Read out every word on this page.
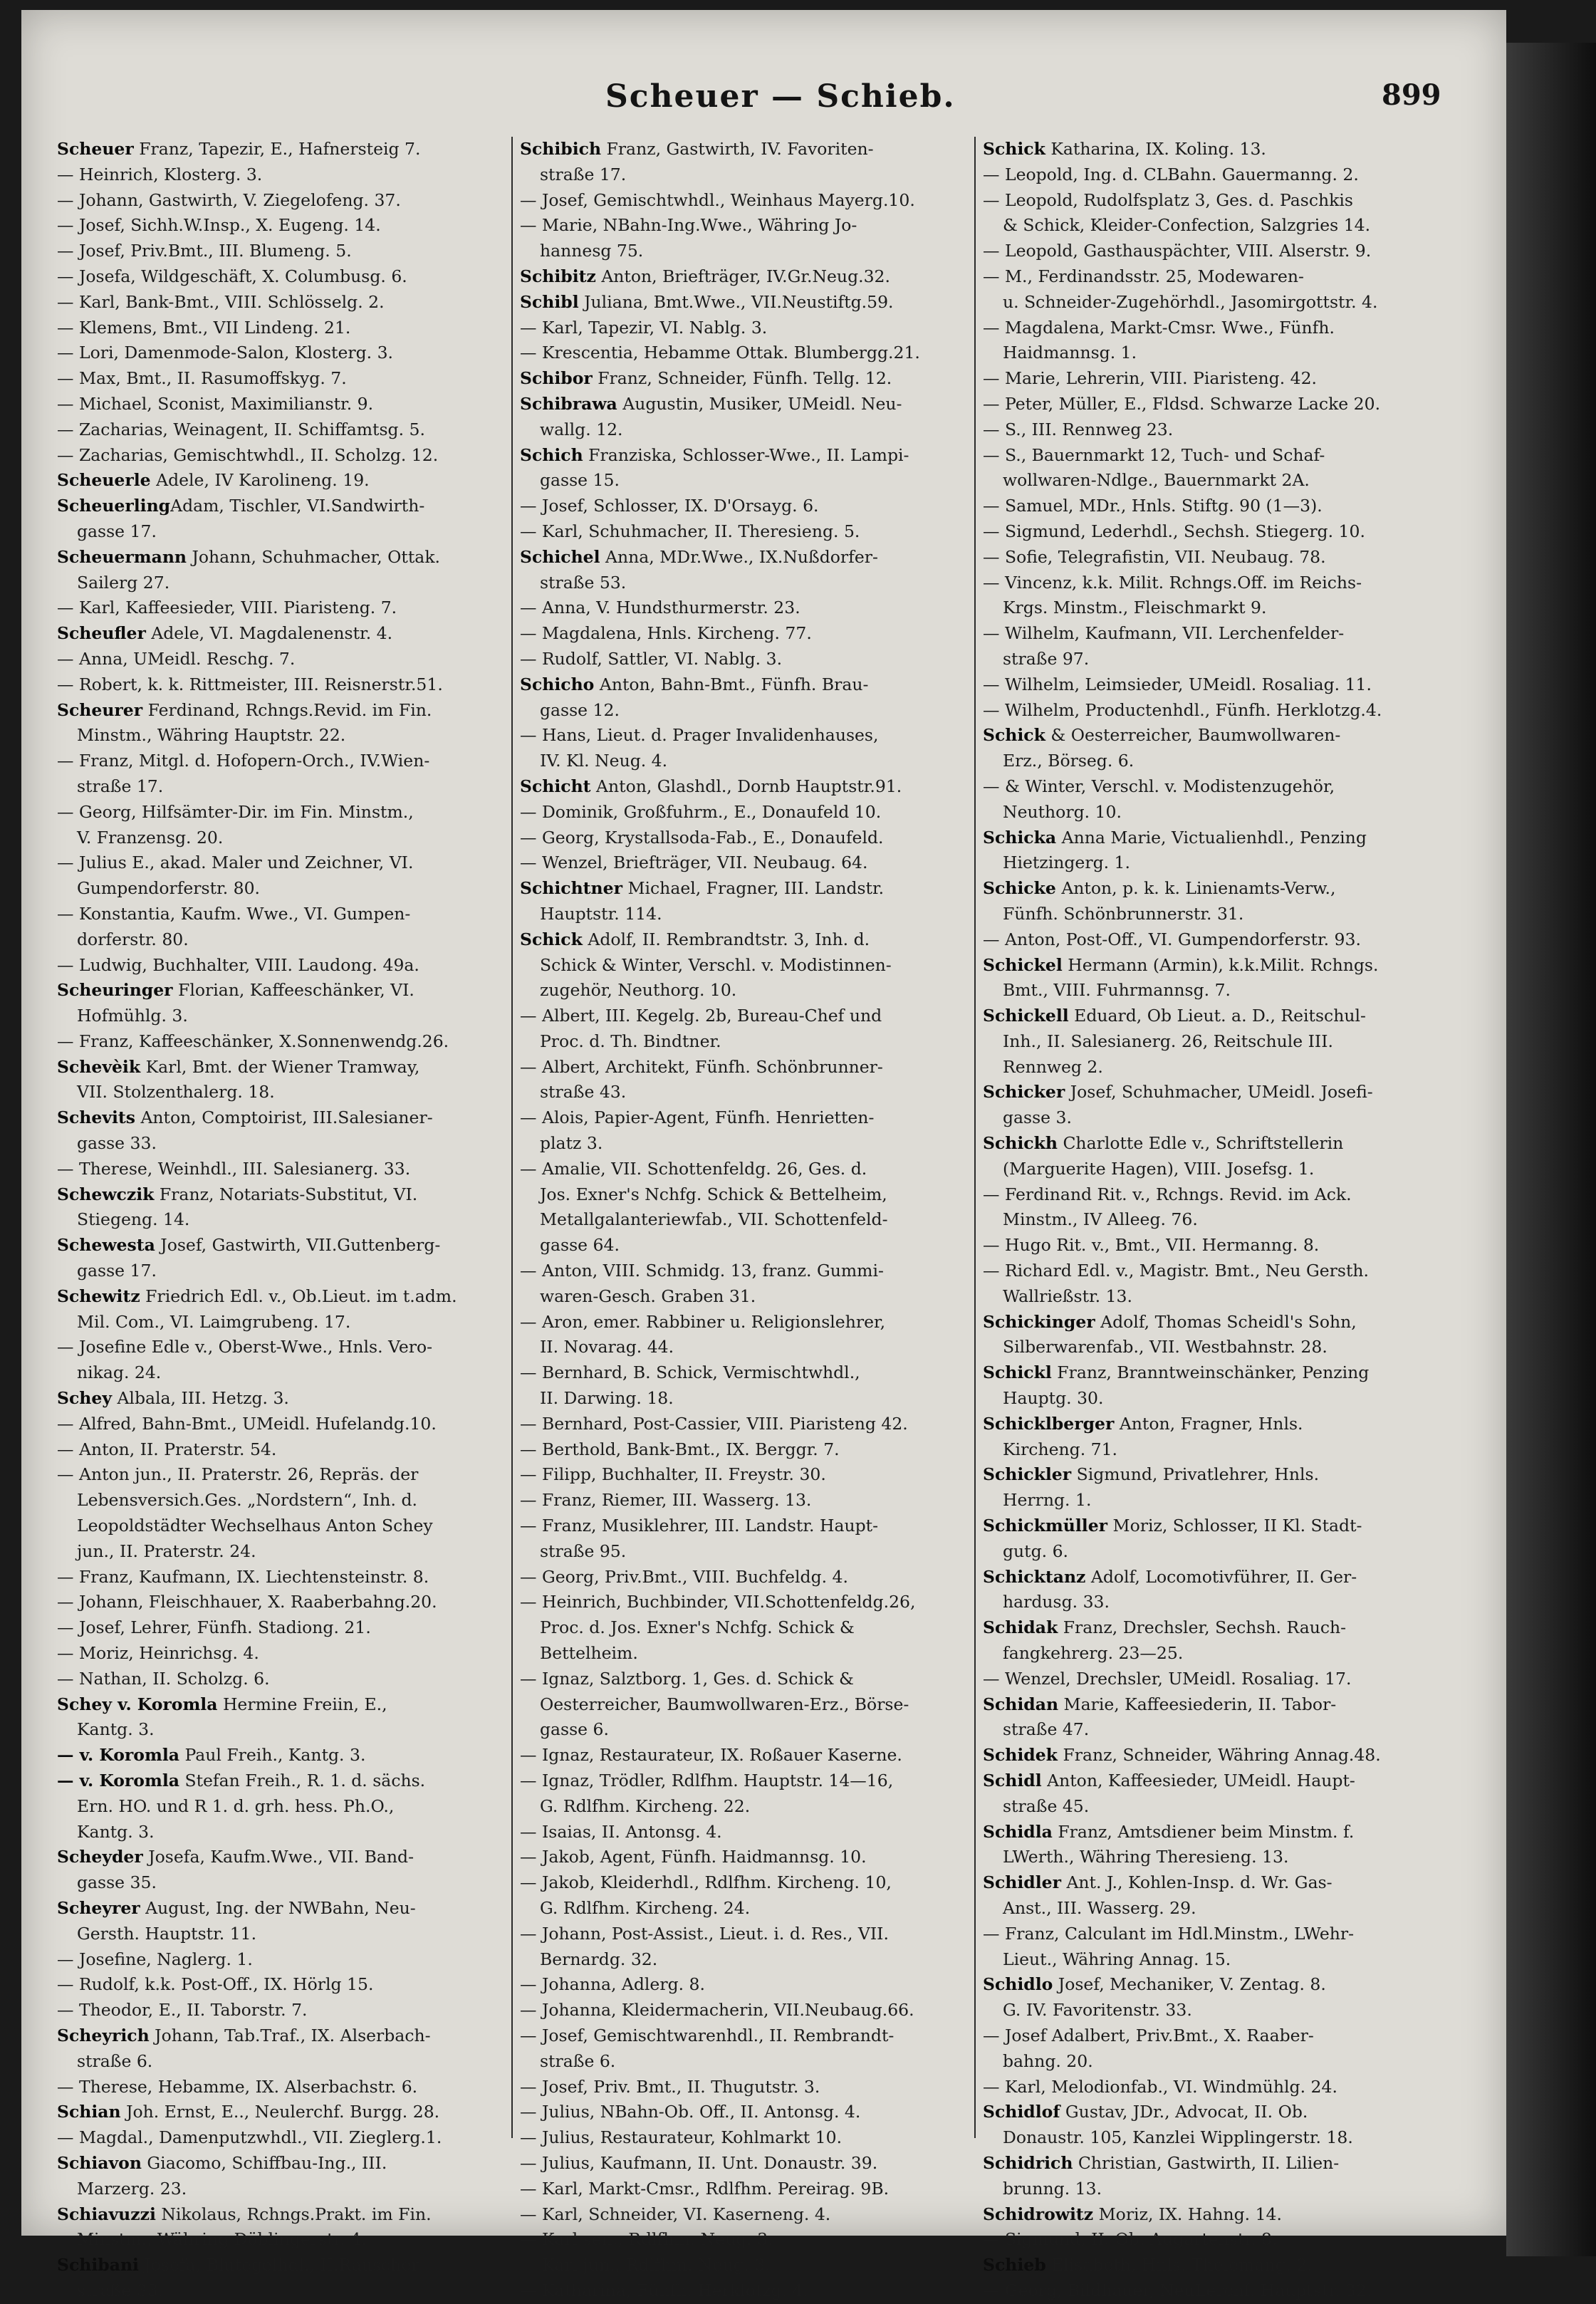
Scheuer — Schieb.	899
Scheuer Franz, Tapezir, E., Hafnersteig 7.
— Heinrich, Klosterg. 3.
— Johann, Gastwirth, V. Ziegelofeng. 37.
— Josef, Sichh.W.Insp., X. Eugeng. 14.
— Josef, Priv.Bmt., III. Blumeng. 5.
— Josefa, Wildgeschäft, X. Columbusg. 6.
— Karl, Bank-Bmt., VIII. Schlösselg. 2.
— Klemens, Bmt., VII Lindeng. 21.
— Lori, Damenmode-Salon, Klosterg. 3.
— Max, Bmt., II. Rasumoffskyg. 7.
— Michael, Sconist, Maximilianstr. 9.
— Zacharias, Weinagent, II. Schiffamtsg. 5.
— Zacharias, Gemischtwhdl., II. Scholzg. 12.
Scheuerle Adele, IV Karolineng. 19.
ScheuerlingAdam, Tischler, VI.Sandwirth-
gasse 17.
Scheuermann Johann, Schuhmacher, Ottak.
Sailerg 27.
— Karl, Kaffeesieder, VIII. Piaristeng. 7.
Scheufler Adele, VI. Magdalenenstr. 4.
— Anna, UMeidl. Reschg. 7.
— Robert, k. k. Rittmeister, III. Reisnerstr.51.
Scheurer Ferdinand, Rchngs.Revid. im Fin.
Minstm., Währing Hauptstr. 22.
— Franz, Mitgl. d. Hofopern-Orch., IV.Wien-
straße 17.
— Georg, Hilfsämter-Dir. im Fin. Minstm.,
V. Franzensg. 20.
— Julius E., akad. Maler und Zeichner, VI.
Gumpendorferstr. 80.
— Konstantia, Kaufm. Wwe., VI. Gumpen-
dorferstr. 80.
— Ludwig, Buchhalter, VIII. Laudong. 49a.
Scheuringer Florian, Kaffeeschänker, VI.
Hofmühlg. 3.
— Franz, Kaffeeschänker, X.Sonnenwendg.26.
Schevèik Karl, Bmt. der Wiener Tramway,
VII. Stolzenthalerg. 18.
Schevits Anton, Comptoirist, III.Salesianer-
gasse 33.
— Therese, Weinhdl., III. Salesianerg. 33.
Schewczik Franz, Notariats-Substitut, VI.
Stiegeng. 14.
Schewesta Josef, Gastwirth, VII.Guttenberg-
gasse 17.
Schewitz Friedrich Edl. v., Ob.Lieut. im t.adm.
Mil. Com., VI. Laimgrubeng. 17.
— Josefine Edle v., Oberst-Wwe., Hnls. Vero-
nikag. 24.
Schey Albala, III. Hetzg. 3.
— Alfred, Bahn-Bmt., UMeidl. Hufelandg.10.
— Anton, II. Praterstr. 54.
— Anton jun., II. Praterstr. 26, Repräs. der
Lebensversich.Ges. „Nordstern“, Inh. d.
Leopoldstädter Wechselhaus Anton Schey
jun., II. Praterstr. 24.
— Franz, Kaufmann, IX. Liechtensteinstr. 8.
— Johann, Fleischhauer, X. Raaberbahng.20.
— Josef, Lehrer, Fünfh. Stadiong. 21.
— Moriz, Heinrichsg. 4.
— Nathan, II. Scholzg. 6.
Schey v. Koromla Hermine Freiin, E.,
Kantg. 3.
— v. Koromla Paul Freih., Kantg. 3.
— v. Koromla Stefan Freih., R. 1. d. sächs.
Ern. HO. und R 1. d. grh. hess. Ph.O.,
Kantg. 3.
Scheyder Josefa, Kaufm.Wwe., VII. Band-
gasse 35.
Scheyrer August, Ing. der NWBahn, Neu-
Gersth. Hauptstr. 11.
— Josefine, Naglerg. 1.
— Rudolf, k.k. Post-Off., IX. Hörlg 15.
— Theodor, E., II. Taborstr. 7.
Scheyrich Johann, Tab.Traf., IX. Alserbach-
straße 6.
— Therese, Hebamme, IX. Alserbachstr. 6.
Schian Joh. Ernst, E.., Neulerchf. Burgg. 28.
— Magdal., Damenputzwhdl., VII. Zieglerg.1.
Schiavon Giacomo, Schiffbau-Ing., III.
Marzerg. 23.
Schiavuzzi Nikolaus, Rchngs.Prakt. im Fin.
Minstm., Währing Döblingerstr. 4.
Schibani Josefa, Blutegelhdl., II.Rauscher-
straße 33.
Schibich Franz, Gastwirth, IV. Favoriten-
straße 17.
— Josef, Gemischtwhdl., Weinhaus Mayerg.10.
— Marie, NBahn-Ing.Wwe., Währing Jo-
hannesg 75.
Schibitz Anton, Briefträger, IV.Gr.Neug.32.
Schibl Juliana, Bmt.Wwe., VII.Neustiftg.59.
— Karl, Tapezir, VI. Nablg. 3.
— Krescentia, Hebamme Ottak. Blumbergg.21.
Schibor Franz, Schneider, Fünfh. Tellg. 12.
Schibrawa Augustin, Musiker, UMeidl. Neu-
wallg. 12.
Schich Franziska, Schlosser-Wwe., II. Lampi-
gasse 15.
— Josef, Schlosser, IX. D'Orsayg. 6.
— Karl, Schuhmacher, II. Theresieng. 5.
Schichel Anna, MDr.Wwe., IX.Nußdorfer-
straße 53.
— Anna, V. Hundsthurmerstr. 23.
— Magdalena, Hnls. Kircheng. 77.
— Rudolf, Sattler, VI. Nablg. 3.
Schicho Anton, Bahn-Bmt., Fünfh. Brau-
gasse 12.
— Hans, Lieut. d. Prager Invalidenhauses,
IV. Kl. Neug. 4.
Schicht Anton, Glashdl., Dornb Hauptstr.91.
— Dominik, Großfuhrm., E., Donaufeld 10.
— Georg, Krystallsoda-Fab., E., Donaufeld.
— Wenzel, Briefträger, VII. Neubaug. 64.
Schichtner Michael, Fragner, III. Landstr.
Hauptstr. 114.
Schick Adolf, II. Rembrandtstr. 3, Inh. d.
Schick & Winter, Verschl. v. Modistinnen-
zugehör, Neuthorg. 10.
— Albert, III. Kegelg. 2b, Bureau-Chef und
Proc. d. Th. Bindtner.
— Albert, Architekt, Fünfh. Schönbrunner-
straße 43.
— Alois, Papier-Agent, Fünfh. Henrietten-
platz 3.
— Amalie, VII. Schottenfeldg. 26, Ges. d.
Jos. Exner's Nchfg. Schick & Bettelheim,
Metallgalanteriewfab., VII. Schottenfeld-
gasse 64.
— Anton, VIII. Schmidg. 13, franz. Gummi-
waren-Gesch. Graben 31.
— Aron, emer. Rabbiner u. Religionslehrer,
II. Novarag. 44.
— Bernhard, B. Schick, Vermischtwhdl.,
II. Darwing. 18.
— Bernhard, Post-Cassier, VIII. Piaristeng 42.
— Berthold, Bank-Bmt., IX. Berggr. 7.
— Filipp, Buchhalter, II. Freystr. 30.
— Franz, Riemer, III. Wasserg. 13.
— Franz, Musiklehrer, III. Landstr. Haupt-
straße 95.
— Georg, Priv.Bmt., VIII. Buchfeldg. 4.
— Heinrich, Buchbinder, VII.Schottenfeldg.26,
Proc. d. Jos. Exner's Nchfg. Schick &
Bettelheim.
— Ignaz, Salztborg. 1, Ges. d. Schick &
Oesterreicher, Baumwollwaren-Erz., Börse-
gasse 6.
— Ignaz, Restaurateur, IX. Roßauer Kaserne.
— Ignaz, Trödler, Rdlfhm. Hauptstr. 14—16,
G. Rdlfhm. Kircheng. 22.
— Isaias, II. Antonsg. 4.
— Jakob, Agent, Fünfh. Haidmannsg. 10.
— Jakob, Kleiderhdl., Rdlfhm. Kircheng. 10,
G. Rdlfhm. Kircheng. 24.
— Johann, Post-Assist., Lieut. i. d. Res., VII.
Bernardg. 32.
— Johanna, Adlerg. 8.
— Johanna, Kleidermacherin, VII.Neubaug.66.
— Josef, Gemischtwarenhdl., II. Rembrandt-
straße 6.
— Josef, Priv. Bmt., II. Thugutstr. 3.
— Julius, NBahn-Ob. Off., II. Antonsg. 4.
— Julius, Restaurateur, Kohlmarkt 10.
— Julius, Kaufmann, II. Unt. Donaustr. 39.
— Karl, Markt-Cmsr., Rdlfhm. Pereirag. 9B.
— Karl, Schneider, VI. Kaserneng. 4.
— Karl sen., Rdlfhm. Neug. 3.
— Karl jun., Rdlfhm. Neug. 3.
— Katharina, Fünfh. Herklotzg. 4.
Schick Katharina, IX. Koling. 13.
— Leopold, Ing. d. CLBahn. Gauermanng. 2.
— Leopold, Rudolfsplatz 3, Ges. d. Paschkis
& Schick, Kleider-Confection, Salzgries 14.
— Leopold, Gasthauspächter, VIII. Alserstr. 9.
— M., Ferdinandsstr. 25, Modewaren-
u. Schneider-Zugehörhdl., Jasomirgottstr. 4.
— Magdalena, Markt-Cmsr. Wwe., Fünfh.
Haidmannsg. 1.
— Marie, Lehrerin, VIII. Piaristeng. 42.
— Peter, Müller, E., Fldsd. Schwarze Lacke 20.
— S., III. Rennweg 23.
— S., Bauernmarkt 12, Tuch- und Schaf-
wollwaren-Ndlge., Bauernmarkt 2A.
— Samuel, MDr., Hnls. Stiftg. 90 (1—3).
— Sigmund, Lederhdl., Sechsh. Stiegerg. 10.
— Sofie, Telegrafistin, VII. Neubaug. 78.
— Vincenz, k.k. Milit. Rchngs.Off. im Reichs-
Krgs. Minstm., Fleischmarkt 9.
— Wilhelm, Kaufmann, VII. Lerchenfelder-
straße 97.
— Wilhelm, Leimsieder, UMeidl. Rosaliag. 11.
— Wilhelm, Productenhdl., Fünfh. Herklotzg.4.
Schick & Oesterreicher, Baumwollwaren-
Erz., Börseg. 6.
— & Winter, Verschl. v. Modistenzugehör,
Neuthorg. 10.
Schicka Anna Marie, Victualienhdl., Penzing
Hietzingerg. 1.
Schicke Anton, p. k. k. Linienamts-Verw.,
Fünfh. Schönbrunnerstr. 31.
— Anton, Post-Off., VI. Gumpendorferstr. 93.
Schickel Hermann (Armin), k.k.Milit. Rchngs.
Bmt., VIII. Fuhrmannsg. 7.
Schickell Eduard, Ob Lieut. a. D., Reitschul-
Inh., II. Salesianerg. 26, Reitschule III.
Rennweg 2.
Schicker Josef, Schuhmacher, UMeidl. Josefi-
gasse 3.
Schickh Charlotte Edle v., Schriftstellerin
(Marguerite Hagen), VIII. Josefsg. 1.
— Ferdinand Rit. v., Rchngs. Revid. im Ack.
Minstm., IV Alleeg. 76.
— Hugo Rit. v., Bmt., VII. Hermanng. 8.
— Richard Edl. v., Magistr. Bmt., Neu Gersth.
Wallrießstr. 13.
Schickinger Adolf, Thomas Scheidl's Sohn,
Silberwarenfab., VII. Westbahnstr. 28.
Schickl Franz, Branntweinschänker, Penzing
Hauptg. 30.
Schicklberger Anton, Fragner, Hnls.
Kircheng. 71.
Schickler Sigmund, Privatlehrer, Hnls.
Herrng. 1.
Schickmüller Moriz, Schlosser, II Kl. Stadt-
gutg. 6.
Schicktanz Adolf, Locomotivführer, II. Ger-
hardusg. 33.
Schidak Franz, Drechsler, Sechsh. Rauch-
fangkehrerg. 23—25.
— Wenzel, Drechsler, UMeidl. Rosaliag. 17.
Schidan Marie, Kaffeesiederin, II. Tabor-
straße 47.
Schidek Franz, Schneider, Währing Annag.48.
Schidl Anton, Kaffeesieder, UMeidl. Haupt-
straße 45.
Schidla Franz, Amtsdiener beim Minstm. f.
LWerth., Währing Theresieng. 13.
Schidler Ant. J., Kohlen-Insp. d. Wr. Gas-
Anst., III. Wasserg. 29.
— Franz, Calculant im Hdl.Minstm., LWehr-
Lieut., Währing Annag. 15.
Schidlo Josef, Mechaniker, V. Zentag. 8.
G. IV. Favoritenstr. 33.
— Josef Adalbert, Priv.Bmt., X. Raaber-
bahng. 20.
— Karl, Melodionfab., VI. Windmühlg. 24.
Schidlof Gustav, JDr., Advocat, II. Ob.
Donaustr. 105, Kanzlei Wipplingerstr. 18.
Schidrich Christian, Gastwirth, II. Lilien-
brunng. 13.
Schidrowitz Moriz, IX. Hahng. 14.
— Sigmund, II. Ob. Augartenstr. 8.
Schieb Elisabeth, Hnls. Thelemang. 2.
— Georg, Bildhauer, NeuLerchf. Hauptstr. 32.
